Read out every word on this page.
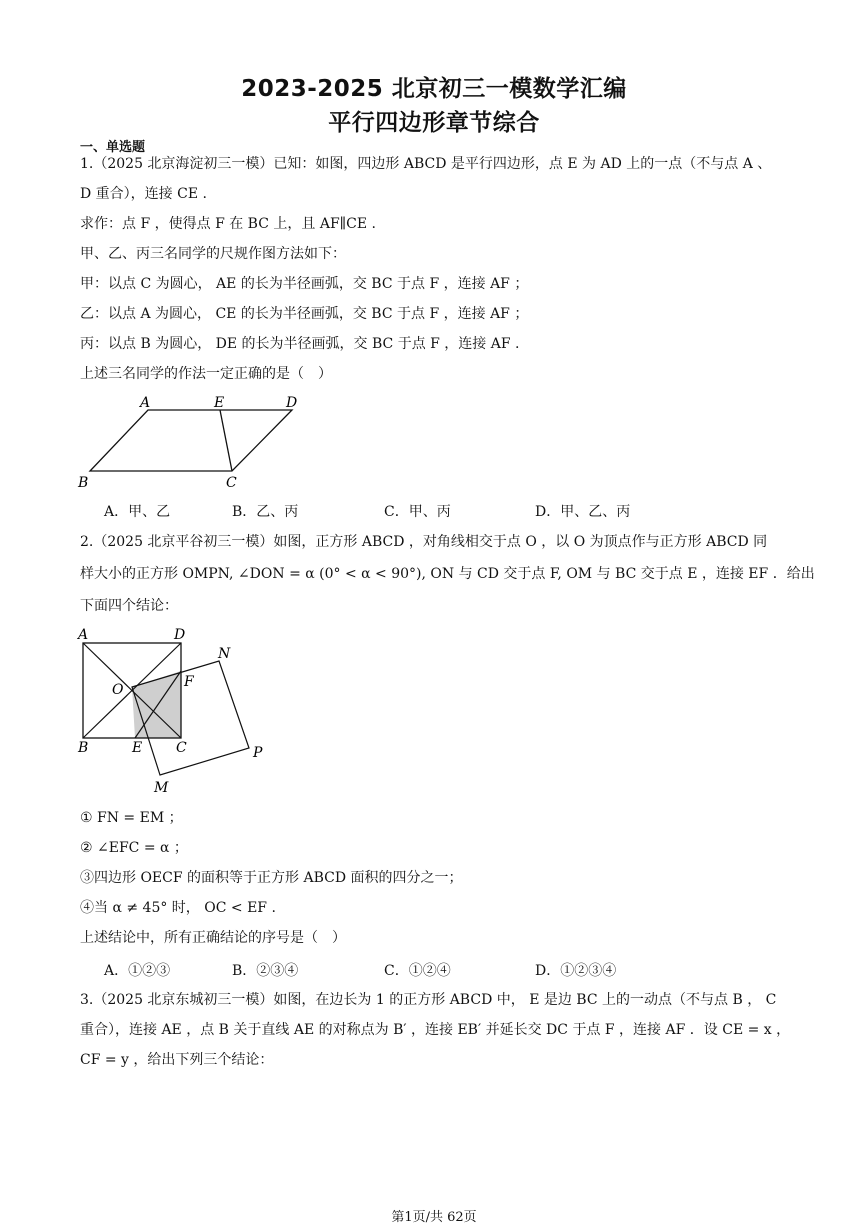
2023-2025 北京初三一模数学汇编
平行四边形章节综合
一、单选题
1.（2025 北京海淀初三一模）已知：如图，四边形 ABCD 是平行四边形，点 E 为 AD 上的一点（不与点 A 、
D 重合），连接 CE .
求作：点 F ，使得点 F 在 BC 上，且 AF∥CE .
甲、乙、丙三名同学的尺规作图方法如下：
甲：以点 C 为圆心， AE 的长为半径画弧，交 BC 于点 F ，连接 AF ；
乙：以点 A 为圆心， CE 的长为半径画弧，交 BC 于点 F ，连接 AF ；
丙：以点 B 为圆心， DE 的长为半径画弧，交 BC 于点 F ，连接 AF .
上述三名同学的作法一定正确的是（　）
A	E	D
B	C
A．甲、乙	B．乙、丙	C．甲、丙	D．甲、乙、丙
2.（2025 北京平谷初三一模）如图，正方形 ABCD ，对角线相交于点 O ，以 O 为顶点作与正方形 ABCD 同
样大小的正方形 OMPN, ∠DON = α (0° < α < 90°), ON 与 CD 交于点 F, OM 与 BC 交于点 E ，连接 EF ．给出
下面四个结论：
A	D
N
O	F
B	E C	P
M
① FN = EM ；
② ∠EFC = α ；
③四边形 OECF 的面积等于正方形 ABCD 面积的四分之一；
④当 α ≠ 45° 时， OC < EF .
上述结论中，所有正确结论的序号是（　）
A．①②③	B．②③④	C．①②④	D．①②③④
3.（2025 北京东城初三一模）如图，在边长为 1 的正方形 ABCD 中， E 是边 BC 上的一动点（不与点 B ， C
重合），连接 AE ，点 B 关于直线 AE 的对称点为 B′ ，连接 EB′ 并延长交 DC 于点 F ，连接 AF ．设 CE = x ，
CF = y ，给出下列三个结论：
第1页/共 62页
